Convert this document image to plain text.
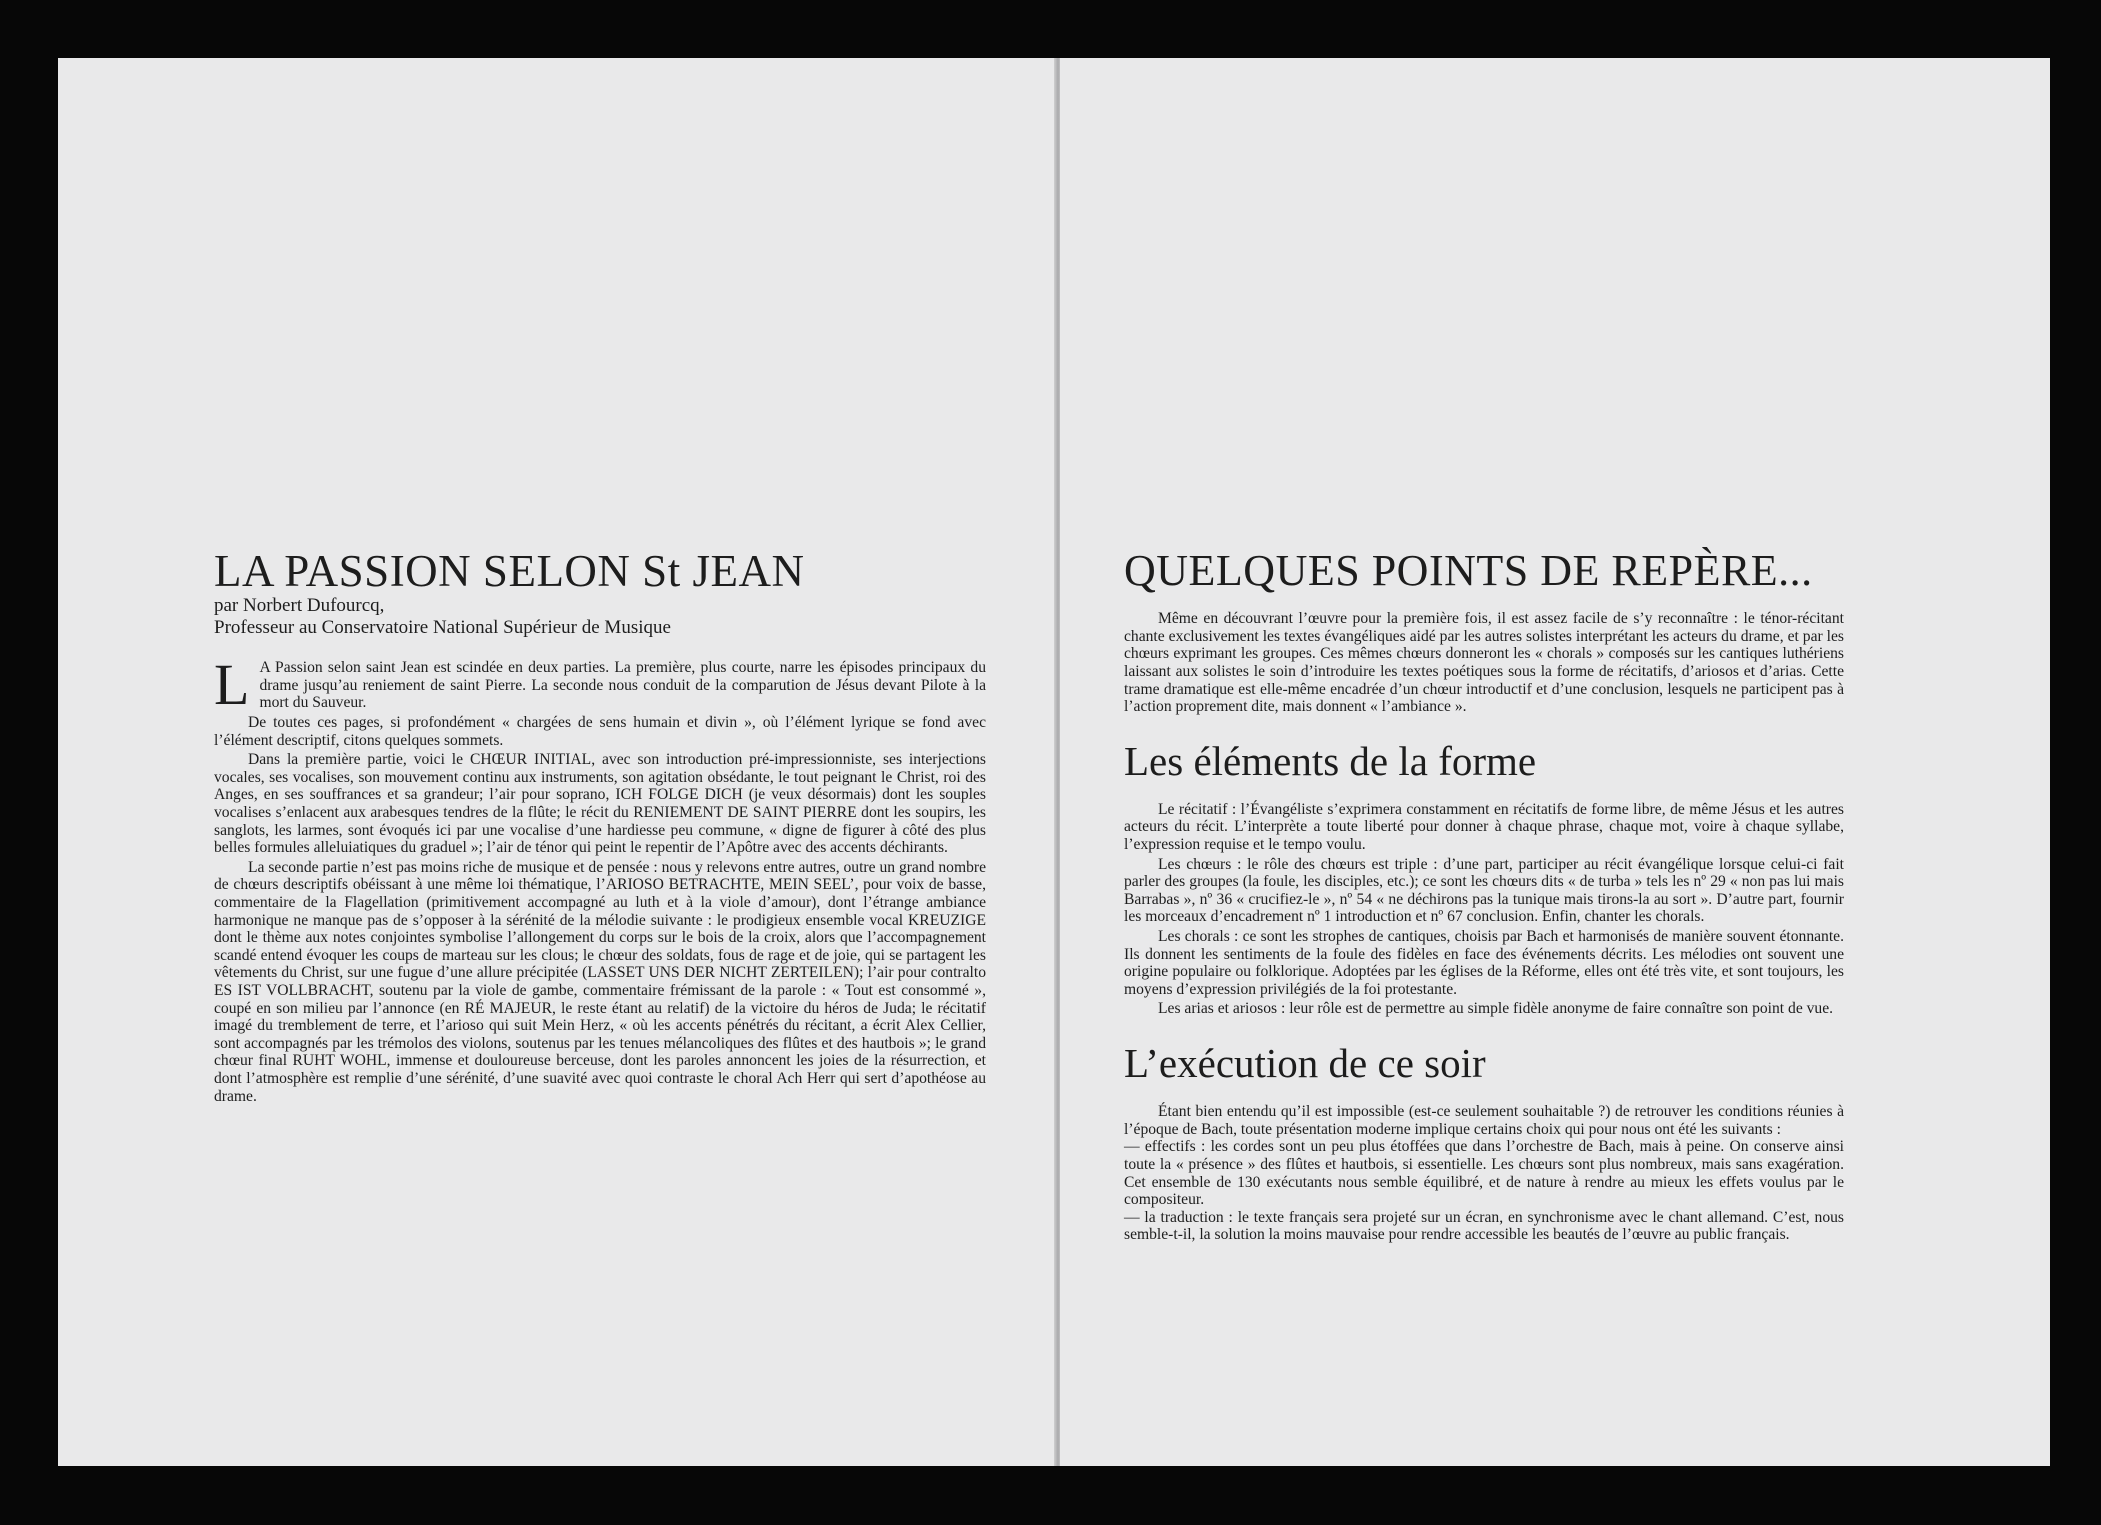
LA PASSION SELON St JEAN

par Norbert Dufourcq,

Professeur au Conservatoire National Supérieur de Musique

L A Passion selon saint Jean est scindée en deux parties. La première, plus courte, narre les épisodes principaux du drame jusqu’au reniement de saint Pierre. La seconde nous conduit de la comparution de Jésus devant Pilote à la mort du Sauveur.

De toutes ces pages, si profondément « chargées de sens humain et divin », où l’élément lyrique se fond avec l’élément descriptif, citons quelques sommets.

Dans la première partie, voici le CHŒUR INITIAL, avec son introduction pré-impressionniste, ses interjections vocales, ses vocalises, son mouvement continu aux instruments, son agitation obsédante, le tout peignant le Christ, roi des Anges, en ses souffrances et sa grandeur; l’air pour soprano, ICH FOLGE DICH (je veux désormais) dont les souples vocalises s’enlacent aux arabesques tendres de la flûte; le récit du RENIEMENT DE SAINT PIERRE dont les soupirs, les sanglots, les larmes, sont évoqués ici par une vocalise d’une hardiesse peu commune, « digne de figurer à côté des plus belles formules alleluiatiques du graduel »; l’air de ténor qui peint le repentir de l’Apôtre avec des accents déchirants.

La seconde partie n’est pas moins riche de musique et de pensée : nous y relevons entre autres, outre un grand nombre de chœurs descriptifs obéissant à une même loi thématique, l’ARIOSO BETRACHTE, MEIN SEEL’, pour voix de basse, commentaire de la Flagellation (primitivement accompagné au luth et à la viole d’amour), dont l’étrange ambiance harmonique ne manque pas de s’opposer à la sérénité de la mélodie suivante : le prodigieux ensemble vocal KREUZIGE dont le thème aux notes conjointes symbolise l’allongement du corps sur le bois de la croix, alors que l’accompagnement scandé entend évoquer les coups de marteau sur les clous; le chœur des soldats, fous de rage et de joie, qui se partagent les vêtements du Christ, sur une fugue d’une allure précipitée (LASSET UNS DER NICHT ZERTEILEN); l’air pour contralto ES IST VOLLBRACHT, soutenu par la viole de gambe, commentaire frémissant de la parole : « Tout est consommé », coupé en son milieu par l’annonce (en RÉ MAJEUR, le reste étant au relatif) de la victoire du héros de Juda; le récitatif imagé du tremblement de terre, et l’arioso qui suit Mein Herz, « où les accents pénétrés du récitant, a écrit Alex Cellier, sont accompagnés par les trémolos des violons, soutenus par les tenues mélancoliques des flûtes et des hautbois »; le grand chœur final RUHT WOHL, immense et douloureuse berceuse, dont les paroles annoncent les joies de la résurrection, et dont l’atmosphère est remplie d’une sérénité, d’une suavité avec quoi contraste le choral Ach Herr qui sert d’apothéose au drame.

QUELQUES POINTS DE REPÈRE...

Même en découvrant l’œuvre pour la première fois, il est assez facile de s’y reconnaître : le ténor-récitant chante exclusivement les textes évangéliques aidé par les autres solistes interprétant les acteurs du drame, et par les chœurs exprimant les groupes. Ces mêmes chœurs donneront les « chorals » composés sur les cantiques luthériens laissant aux solistes le soin d’introduire les textes poétiques sous la forme de récitatifs, d’ariosos et d’arias. Cette trame dramatique est elle-même encadrée d’un chœur introductif et d’une conclusion, lesquels ne participent pas à l’action proprement dite, mais donnent « l’ambiance ».

Les éléments de la forme

Le récitatif : l’Évangéliste s’exprimera constamment en récitatifs de forme libre, de même Jésus et les autres acteurs du récit. L’interprète a toute liberté pour donner à chaque phrase, chaque mot, voire à chaque syllabe, l’expression requise et le tempo voulu.

Les chœurs : le rôle des chœurs est triple : d’une part, participer au récit évangélique lorsque celui-ci fait parler des groupes (la foule, les disciples, etc.); ce sont les chœurs dits « de turba » tels les nº 29 « non pas lui mais Barrabas », nº 36 « crucifiez-le », nº 54 « ne déchirons pas la tunique mais tirons-la au sort ». D’autre part, fournir les morceaux d’encadrement nº 1 introduction et nº 67 conclusion. Enfin, chanter les chorals.

Les chorals : ce sont les strophes de cantiques, choisis par Bach et harmonisés de manière souvent étonnante. Ils donnent les sentiments de la foule des fidèles en face des événements décrits. Les mélodies ont souvent une origine populaire ou folklorique. Adoptées par les églises de la Réforme, elles ont été très vite, et sont toujours, les moyens d’expression privilégiés de la foi protestante.

Les arias et ariosos : leur rôle est de permettre au simple fidèle anonyme de faire connaître son point de vue.

L’exécution de ce soir

Étant bien entendu qu’il est impossible (est-ce seulement souhaitable ?) de retrouver les conditions réunies à l’époque de Bach, toute présentation moderne implique certains choix qui pour nous ont été les suivants :

— effectifs : les cordes sont un peu plus étoffées que dans l’orchestre de Bach, mais à peine. On conserve ainsi toute la « présence » des flûtes et hautbois, si essentielle. Les chœurs sont plus nombreux, mais sans exagération. Cet ensemble de 130 exécutants nous semble équilibré, et de nature à rendre au mieux les effets voulus par le compositeur.

— la traduction : le texte français sera projeté sur un écran, en synchronisme avec le chant allemand. C’est, nous semble-t-il, la solution la moins mauvaise pour rendre accessible les beautés de l’œuvre au public français.
